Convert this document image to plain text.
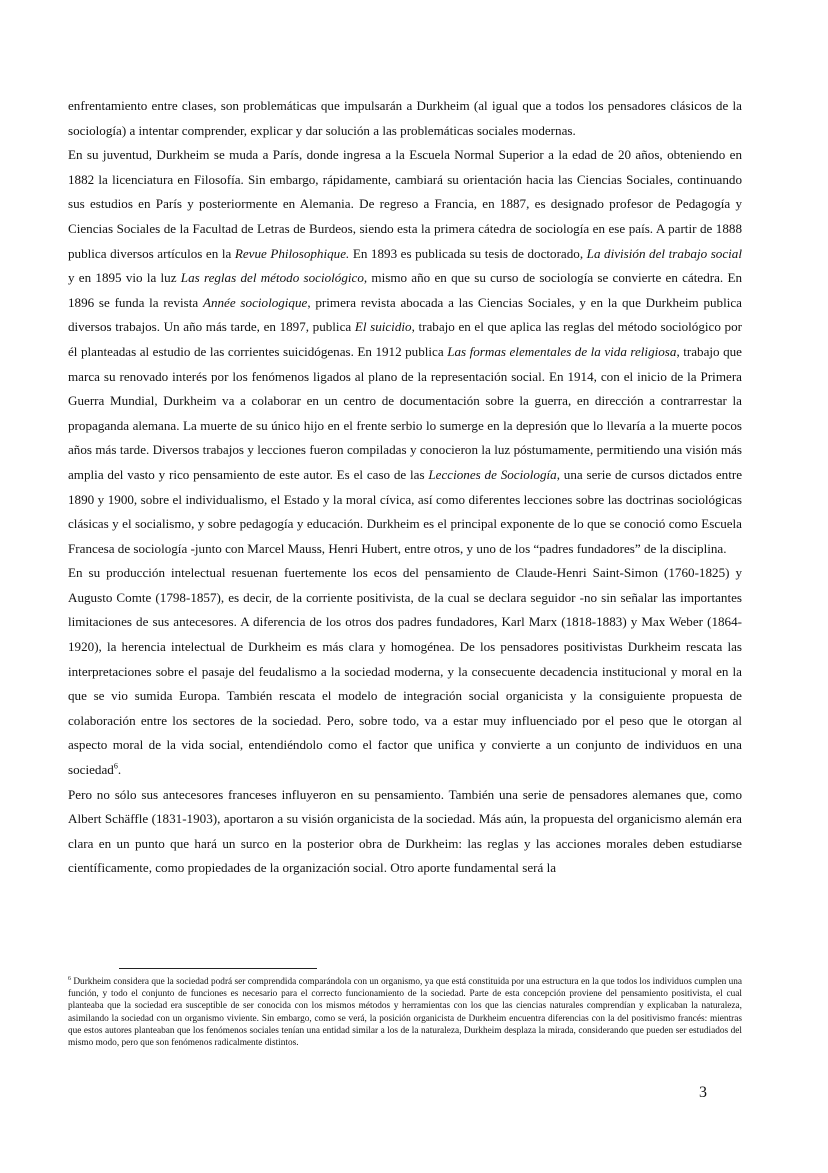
enfrentamiento entre clases, son problemáticas que impulsarán a Durkheim (al igual que a todos los pensadores clásicos de la sociología) a intentar comprender, explicar y dar solución a las problemáticas sociales modernas.

En su juventud, Durkheim se muda a París, donde ingresa a la Escuela Normal Superior a la edad de 20 años, obteniendo en 1882 la licenciatura en Filosofía. Sin embargo, rápidamente, cambiará su orientación hacia las Ciencias Sociales, continuando sus estudios en París y posteriormente en Alemania. De regreso a Francia, en 1887, es designado profesor de Pedagogía y Ciencias Sociales de la Facultad de Letras de Burdeos, siendo esta la primera cátedra de sociología en ese país. A partir de 1888 publica diversos artículos en la Revue Philosophique. En 1893 es publicada su tesis de doctorado, La división del trabajo social y en 1895 vio la luz Las reglas del método sociológico, mismo año en que su curso de sociología se convierte en cátedra. En 1896 se funda la revista Année sociologique, primera revista abocada a las Ciencias Sociales, y en la que Durkheim publica diversos trabajos. Un año más tarde, en 1897, publica El suicidio, trabajo en el que aplica las reglas del método sociológico por él planteadas al estudio de las corrientes suicidógenas. En 1912 publica Las formas elementales de la vida religiosa, trabajo que marca su renovado interés por los fenómenos ligados al plano de la representación social. En 1914, con el inicio de la Primera Guerra Mundial, Durkheim va a colaborar en un centro de documentación sobre la guerra, en dirección a contrarrestar la propaganda alemana. La muerte de su único hijo en el frente serbio lo sumerge en la depresión que lo llevaría a la muerte pocos años más tarde. Diversos trabajos y lecciones fueron compiladas y conocieron la luz póstumamente, permitiendo una visión más amplia del vasto y rico pensamiento de este autor. Es el caso de las Lecciones de Sociología, una serie de cursos dictados entre 1890 y 1900, sobre el individualismo, el Estado y la moral cívica, así como diferentes lecciones sobre las doctrinas sociológicas clásicas y el socialismo, y sobre pedagogía y educación. Durkheim es el principal exponente de lo que se conoció como Escuela Francesa de sociología -junto con Marcel Mauss, Henri Hubert, entre otros, y uno de los “padres fundadores” de la disciplina.

En su producción intelectual resuenan fuertemente los ecos del pensamiento de Claude-Henri Saint-Simon (1760-1825) y Augusto Comte (1798-1857), es decir, de la corriente positivista, de la cual se declara seguidor -no sin señalar las importantes limitaciones de sus antecesores. A diferencia de los otros dos padres fundadores, Karl Marx (1818-1883) y Max Weber (1864-1920), la herencia intelectual de Durkheim es más clara y homogénea. De los pensadores positivistas Durkheim rescata las interpretaciones sobre el pasaje del feudalismo a la sociedad moderna, y la consecuente decadencia institucional y moral en la que se vio sumida Europa. También rescata el modelo de integración social organicista y la consiguiente propuesta de colaboración entre los sectores de la sociedad. Pero, sobre todo, va a estar muy influenciado por el peso que le otorgan al aspecto moral de la vida social, entendiéndolo como el factor que unifica y convierte a un conjunto de individuos en una sociedad$^6$.

Pero no sólo sus antecesores franceses influyeron en su pensamiento. También una serie de pensadores alemanes que, como Albert Schäffle (1831-1903), aportaron a su visión organicista de la sociedad. Más aún, la propuesta del organicismo alemán era clara en un punto que hará un surco en la posterior obra de Durkheim: las reglas y las acciones morales deben estudiarse científicamente, como propiedades de la organización social. Otro aporte fundamental será la

$^6$ Durkheim considera que la sociedad podrá ser comprendida comparándola con un organismo, ya que está constituida por una estructura en la que todos los individuos cumplen una función, y todo el conjunto de funciones es necesario para el correcto funcionamiento de la sociedad. Parte de esta concepción proviene del pensamiento positivista, el cual planteaba que la sociedad era susceptible de ser conocida con los mismos métodos y herramientas con los que las ciencias naturales comprendían y explicaban la naturaleza, asimilando la sociedad con un organismo viviente. Sin embargo, como se verá, la posición organicista de Durkheim encuentra diferencias con la del positivismo francés: mientras que estos autores planteaban que los fenómenos sociales tenían una entidad similar a los de la naturaleza, Durkheim desplaza la mirada, considerando que pueden ser estudiados del mismo modo, pero que son fenómenos radicalmente distintos.

3
